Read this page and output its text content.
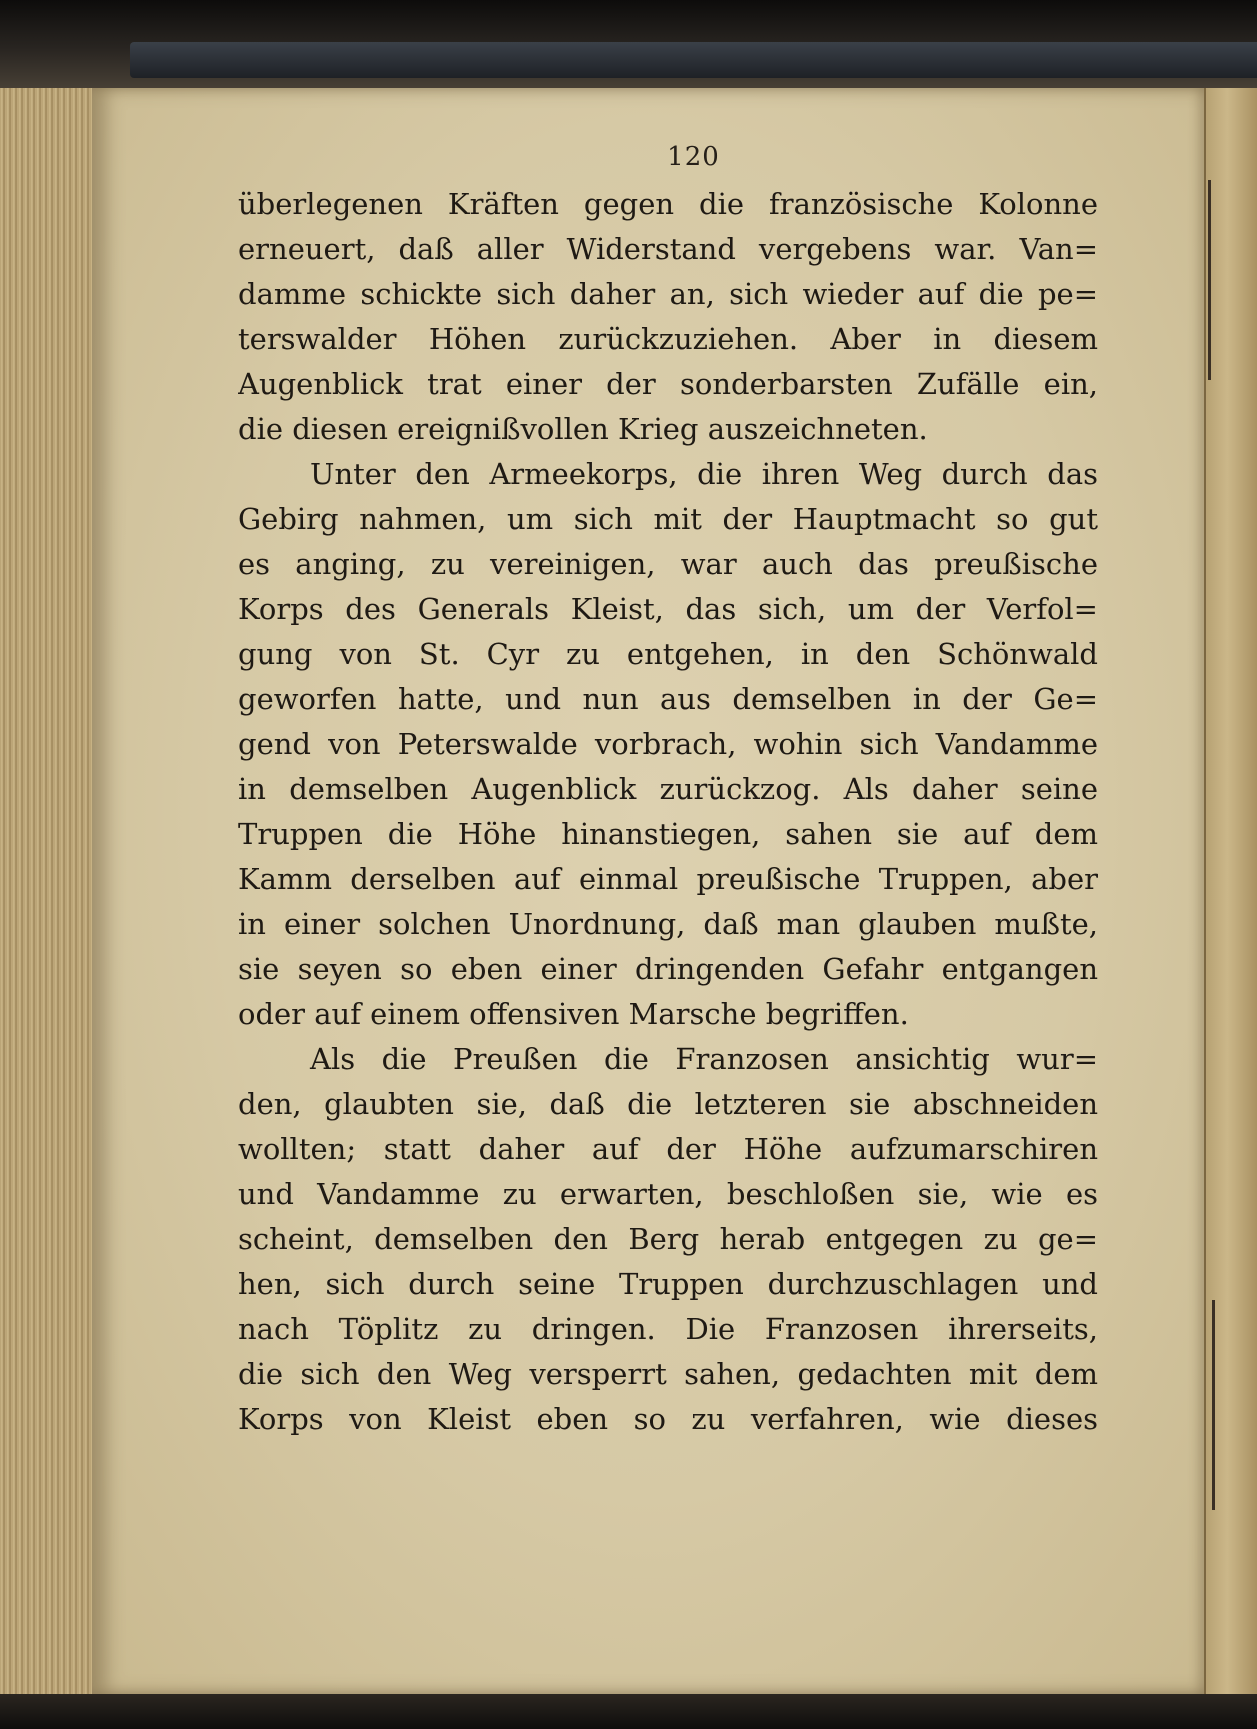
120
überlegenen Kräften gegen die französische Kolonne
erneuert, daß aller Widerstand vergebens war. Van=
damme schickte sich daher an, sich wieder auf die pe=
terswalder Höhen zurückzuziehen. Aber in diesem
Augenblick trat einer der sonderbarsten Zufälle ein,
die diesen ereignißvollen Krieg auszeichneten.
Unter den Armeekorps, die ihren Weg durch das
Gebirg nahmen, um sich mit der Hauptmacht so gut
es anging, zu vereinigen, war auch das preußische
Korps des Generals Kleist, das sich, um der Verfol=
gung von St. Cyr zu entgehen, in den Schönwald
geworfen hatte, und nun aus demselben in der Ge=
gend von Peterswalde vorbrach, wohin sich Vandamme
in demselben Augenblick zurückzog. Als daher seine
Truppen die Höhe hinanstiegen, sahen sie auf dem
Kamm derselben auf einmal preußische Truppen, aber
in einer solchen Unordnung, daß man glauben mußte,
sie seyen so eben einer dringenden Gefahr entgangen
oder auf einem offensiven Marsche begriffen.
Als die Preußen die Franzosen ansichtig wur=
den, glaubten sie, daß die letzteren sie abschneiden
wollten; statt daher auf der Höhe aufzumarschiren
und Vandamme zu erwarten, beschloßen sie, wie es
scheint, demselben den Berg herab entgegen zu ge=
hen, sich durch seine Truppen durchzuschlagen und
nach Töplitz zu dringen. Die Franzosen ihrerseits,
die sich den Weg versperrt sahen, gedachten mit dem
Korps von Kleist eben so zu verfahren, wie dieses
